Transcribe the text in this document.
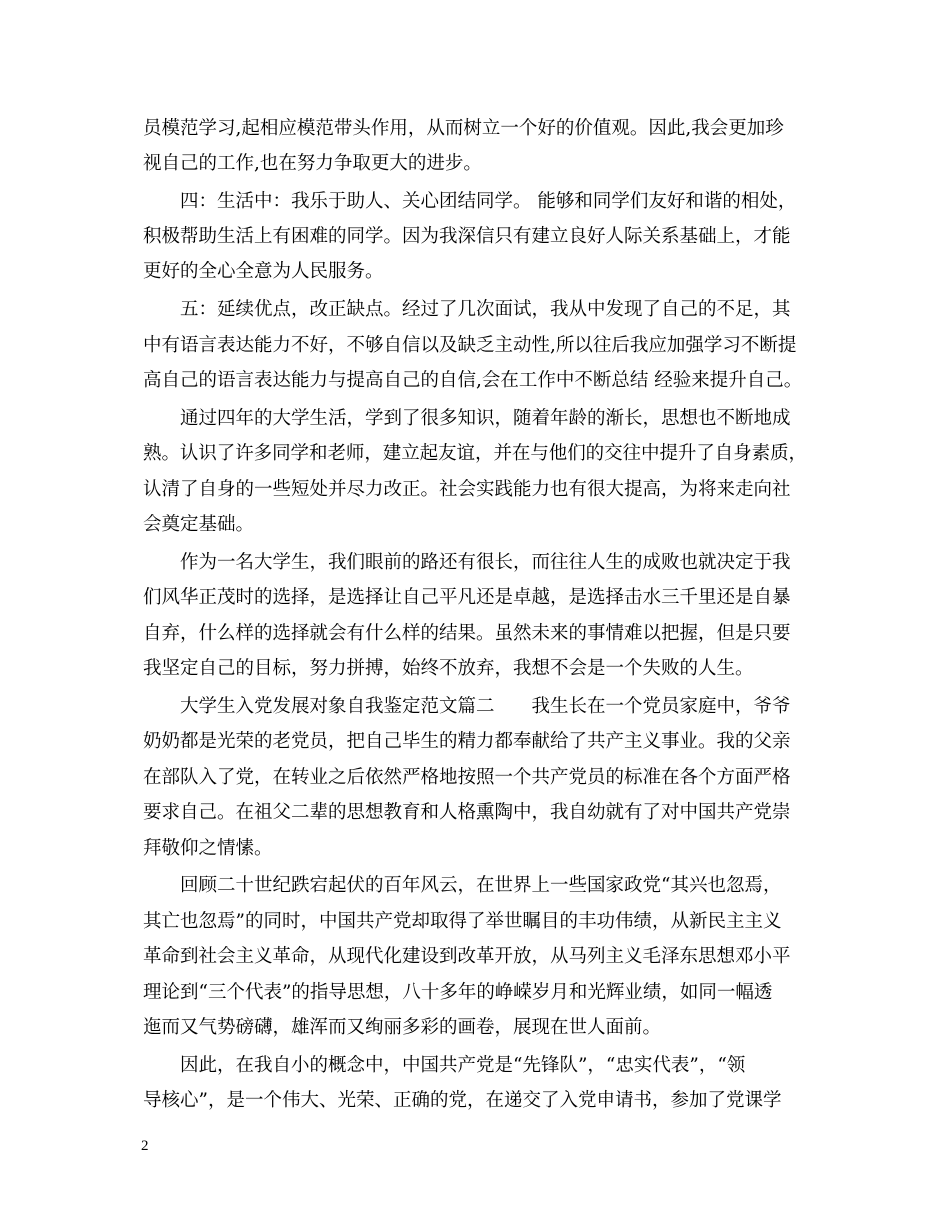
员模范学习,起相应模范带头作用，从而树立一个好的价值观。因此,我会更加珍

视自己的工作,也在努力争取更大的进步。

四：生活中：我乐于助人、关心团结同学。 能够和同学们友好和谐的相处，

积极帮助生活上有困难的同学。因为我深信只有建立良好人际关系基础上，才能

更好的全心全意为人民服务。

五：延续优点，改正缺点。经过了几次面试，我从中发现了自己的不足，其

中有语言表达能力不好，不够自信以及缺乏主动性,所以往后我应加强学习不断提

高自己的语言表达能力与提高自己的自信,会在工作中不断总结 经验来提升自己。

通过四年的大学生活，学到了很多知识，随着年龄的渐长，思想也不断地成

熟。认识了许多同学和老师，建立起友谊，并在与他们的交往中提升了自身素质，

认清了自身的一些短处并尽力改正。社会实践能力也有很大提高，为将来走向社

会奠定基础。

作为一名大学生，我们眼前的路还有很长，而往往人生的成败也就决定于我

们风华正茂时的选择，是选择让自己平凡还是卓越，是选择击水三千里还是自暴

自弃，什么样的选择就会有什么样的结果。虽然未来的事情难以把握，但是只要

我坚定自己的目标，努力拼搏，始终不放弃，我想不会是一个失败的人生。

大学生入党发展对象自我鉴定范文篇二　　我生长在一个党员家庭中，爷爷

奶奶都是光荣的老党员，把自己毕生的精力都奉献给了共产主义事业。我的父亲

在部队入了党，在转业之后依然严格地按照一个共产党员的标准在各个方面严格

要求自己。在祖父二辈的思想教育和人格熏陶中，我自幼就有了对中国共产党崇

拜敬仰之情愫。

回顾二十世纪跌宕起伏的百年风云，在世界上一些国家政党“其兴也忽焉，

其亡也忽焉”的同时，中国共产党却取得了举世瞩目的丰功伟绩，从新民主主义

革命到社会主义革命，从现代化建设到改革开放，从马列主义毛泽东思想邓小平

理论到“三个代表”的指导思想，八十多年的峥嵘岁月和光辉业绩，如同一幅透

迤而又气势磅礴，雄浑而又绚丽多彩的画卷，展现在世人面前。

因此，在我自小的概念中，中国共产党是“先锋队”，“忠实代表”，“领

导核心”，是一个伟大、光荣、正确的党，在递交了入党申请书，参加了党课学

2
